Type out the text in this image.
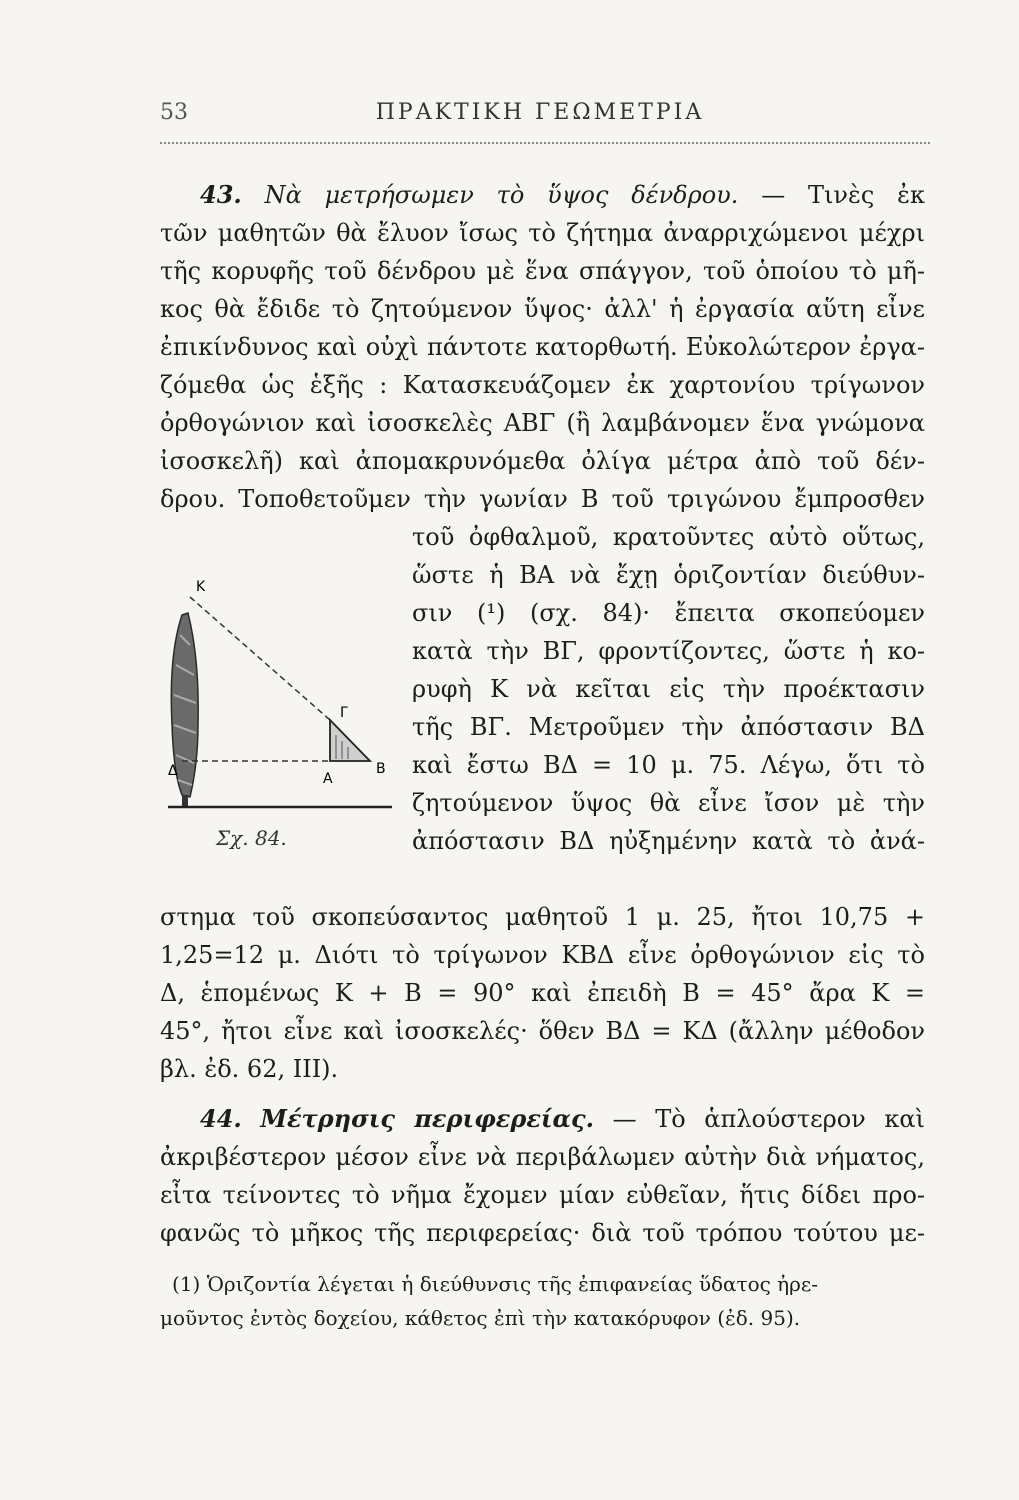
53	ΠΡΑΚΤΙΚΗ ΓΕΩΜΕΤΡΙΑ
43. Νὰ μετρήσωμεν τὸ ὕψος δένδρου. — Τινὲς ἐκ
τῶν μαθητῶν θὰ ἔλυον ἴσως τὸ ζήτημα ἀναρριχώμενοι μέχρι
τῆς κορυφῆς τοῦ δένδρου μὲ ἕνα σπάγγον, τοῦ ὁποίου τὸ μῆ-
κος θὰ ἔδιδε τὸ ζητούμενον ὕψος· ἀλλ' ἡ ἐργασία αὕτη εἶνε
ἐπικίνδυνος καὶ οὐχὶ πάντοτε κατορθωτή. Εὐκολώτερον ἐργα-
ζόμεθα ὡς ἑξῆς : Κατασκευάζομεν ἐκ χαρτονίου τρίγωνον
ὀρθογώνιον καὶ ἰσοσκελὲς ΑΒΓ (ἢ λαμβάνομεν ἕνα γνώμονα
ἰσοσκελῆ) καὶ ἀπομακρυνόμεθα ὀλίγα μέτρα ἀπὸ τοῦ δέν-
δρου. Τοποθετοῦμεν τὴν γωνίαν Β τοῦ τριγώνου ἔμπροσθεν
τοῦ ὀφθαλμοῦ, κρατοῦντες αὐτὸ οὕτως,
ὥστε ἡ ΒΑ νὰ ἔχῃ ὁριζοντίαν διεύθυν-
σιν (¹) (σχ. 84)· ἔπειτα σκοπεύομεν
κατὰ τὴν ΒΓ, φροντίζοντες, ὥστε ἡ κο-
ρυφὴ Κ νὰ κεῖται εἰς τὴν προέκτασιν
τῆς ΒΓ. Μετροῦμεν τὴν ἀπόστασιν ΒΔ
καὶ ἔστω ΒΔ = 10 μ. 75. Λέγω, ὅτι τὸ
ζητούμενον ὕψος θὰ εἶνε ἴσον μὲ τὴν
ἀπόστασιν ΒΔ ηὐξημένην κατὰ τὸ ἀνά-
Κ
Γ
Δ	Α
Β
Σχ. 84.
στημα τοῦ σκοπεύσαντος μαθητοῦ 1 μ. 25, ἤτοι 10,75 +
1,25=12 μ. Διότι τὸ τρίγωνον ΚΒΔ εἶνε ὀρθογώνιον εἰς τὸ
Δ, ἑπομένως Κ + Β = 90° καὶ ἐπειδὴ Β = 45° ἄρα Κ =
45°, ἤτοι εἶνε καὶ ἰσοσκελές· ὅθεν ΒΔ = ΚΔ (ἄλλην μέθοδον
βλ. ἐδ. 62, ΙΙΙ).
44. Μέτρησις περιφερείας. — Τὸ ἁπλούστερον καὶ
ἀκριβέστερον μέσον εἶνε νὰ περιβάλωμεν αὐτὴν διὰ νήματος,
εἶτα τείνοντες τὸ νῆμα ἔχομεν μίαν εὐθεῖαν, ἥτις δίδει προ-
φανῶς τὸ μῆκος τῆς περιφερείας· διὰ τοῦ τρόπου τούτου με-
(1) Ὁριζοντία λέγεται ἡ διεύθυνσις τῆς ἐπιφανείας ὕδατος ἠρε-
μοῦντος ἐντὸς δοχείου, κάθετος ἐπὶ τὴν κατακόρυφον (ἐδ. 95).
